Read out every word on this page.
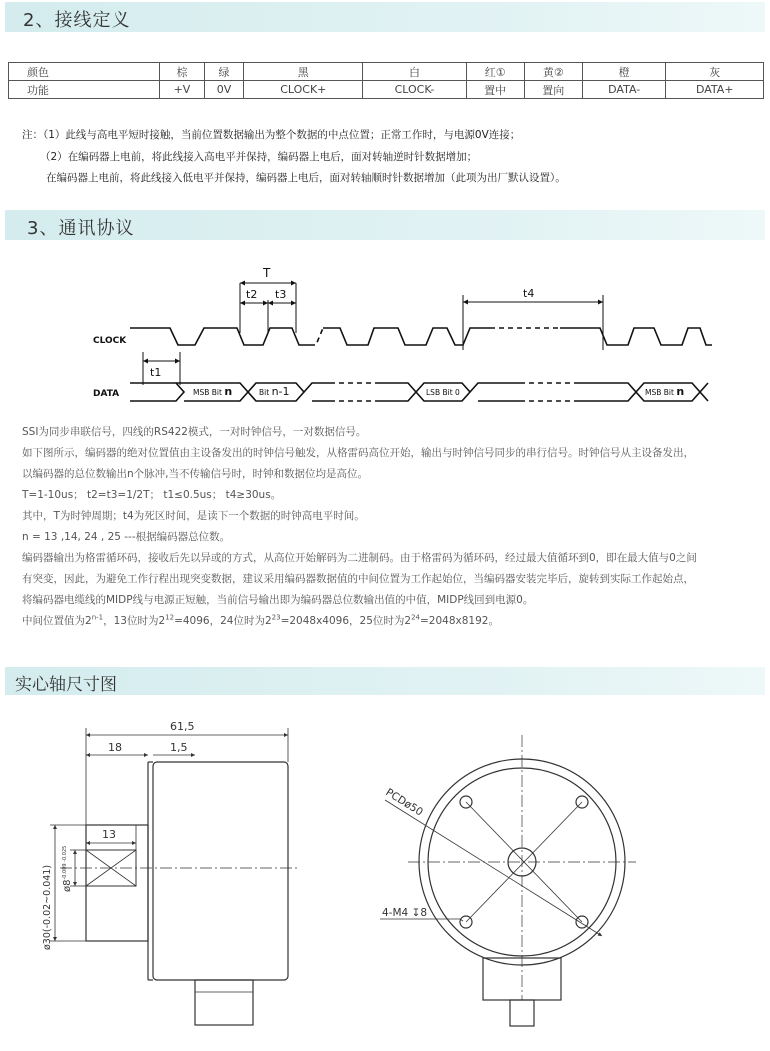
2、接线定义
颜色	棕	绿	黑	白	红①	黄②	橙	灰
功能	+V	0V	CLOCK+	CLOCK-	置中	置向	DATA-	DATA+
注：（1）此线与高电平短时接触，当前位置数据输出为整个数据的中点位置；正常工作时，与电源0V连接；
（2）在编码器上电前，将此线接入高电平并保持，编码器上电后，面对转轴逆时针数据增加；
在编码器上电前，将此线接入低电平并保持，编码器上电后，面对转轴顺时针数据增加（此项为出厂默认设置）。
3、通讯协议
CLOCK
T
t2 t3	t4
t1
DATA	MSB Bit n	Bit n-1	LSB Bit 0	MSB Bit n
SSI为同步串联信号，四线的RS422模式，一对时钟信号，一对数据信号。
如下图所示，编码器的绝对位置值由主设备发出的时钟信号触发，从格雷码高位开始，输出与时钟信号同步的串行信号。时钟信号从主设备发出，
以编码器的总位数输出n个脉冲,当不传输信号时，时钟和数据位均是高位。
T=1-10us； t2=t3=1/2T； t1≤0.5us； t4≥30us。
其中，T为时钟周期；t4为死区时间，是读下一个数据的时钟高电平时间。
n = 13 ,14, 24 , 25 ---根据编码器总位数。
编码器输出为格雷循环码，接收后先以异或的方式，从高位开始解码为二进制码。由于格雷码为循环码，经过最大值循环到0，即在最大值与0之间
有突变，因此，为避免工作行程出现突变数据，建议采用编码器数据值的中间位置为工作起始位，当编码器安装完毕后，旋转到实际工作起始点，
将编码器电缆线的MIDP线与电源正短触，当前信号输出即为编码器总位数输出值的中值，MIDP线回到电源0。
中间位置值为2$^{n-1}$，13位时为$2^{12}=4096$，24位时为$2^{23}=2048x4096$，25位时为$2^{24}=2048x8192$。
实心轴尺寸图
61,5
18	1,5
13
ø30(-0.02~0.041) $ø8^{-0.009 -0.025}$
PCDø50
4-M4 ↧8
